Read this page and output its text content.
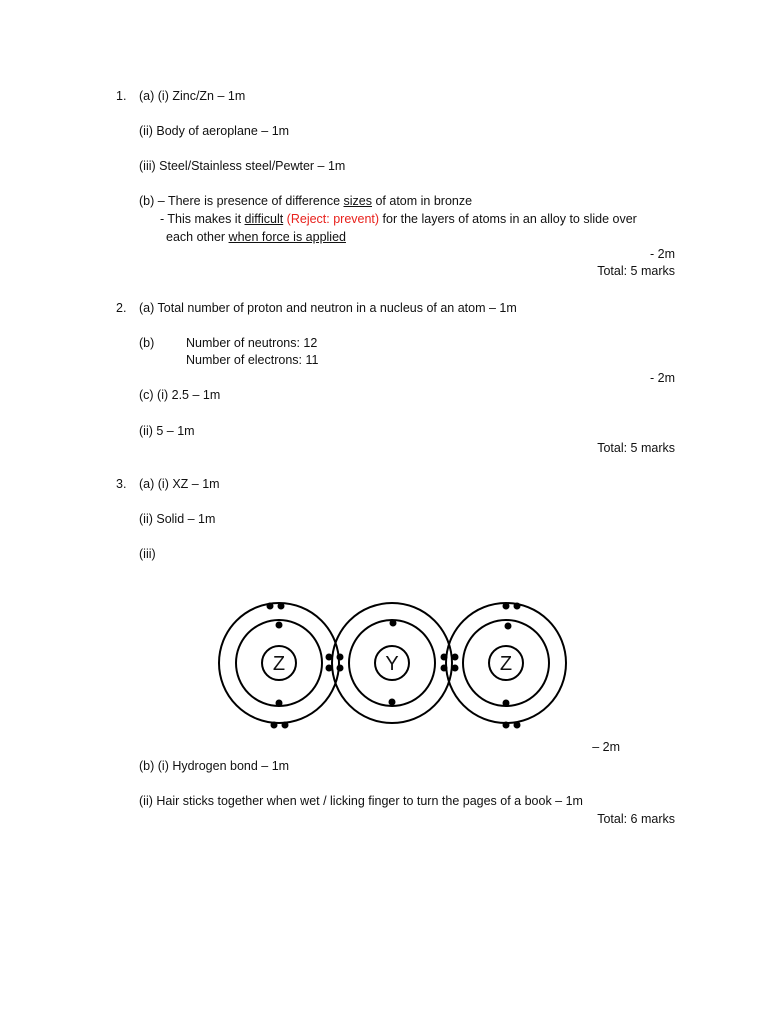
1. (a) (i) Zinc/Zn – 1m
(ii) Body of aeroplane – 1m
(iii) Steel/Stainless steel/Pewter – 1m
(b) – There is presence of difference sizes of atom in bronze
- This makes it difficult (Reject: prevent) for the layers of atoms in an alloy to slide over
each other when force is applied
- 2m
Total: 5 marks
2. (a) Total number of proton and neutron in a nucleus of an atom – 1m
(b)	Number of neutrons: 12
Number of electrons: 11
- 2m
(c) (i) 2.5 – 1m
(ii) 5 – 1m
Total: 5 marks
3. (a) (i) XZ – 1m
(ii) Solid – 1m
(iii)
Z	Y	Z
– 2m
(b) (i) Hydrogen bond – 1m
(ii) Hair sticks together when wet / licking finger to turn the pages of a book – 1m
Total: 6 marks
